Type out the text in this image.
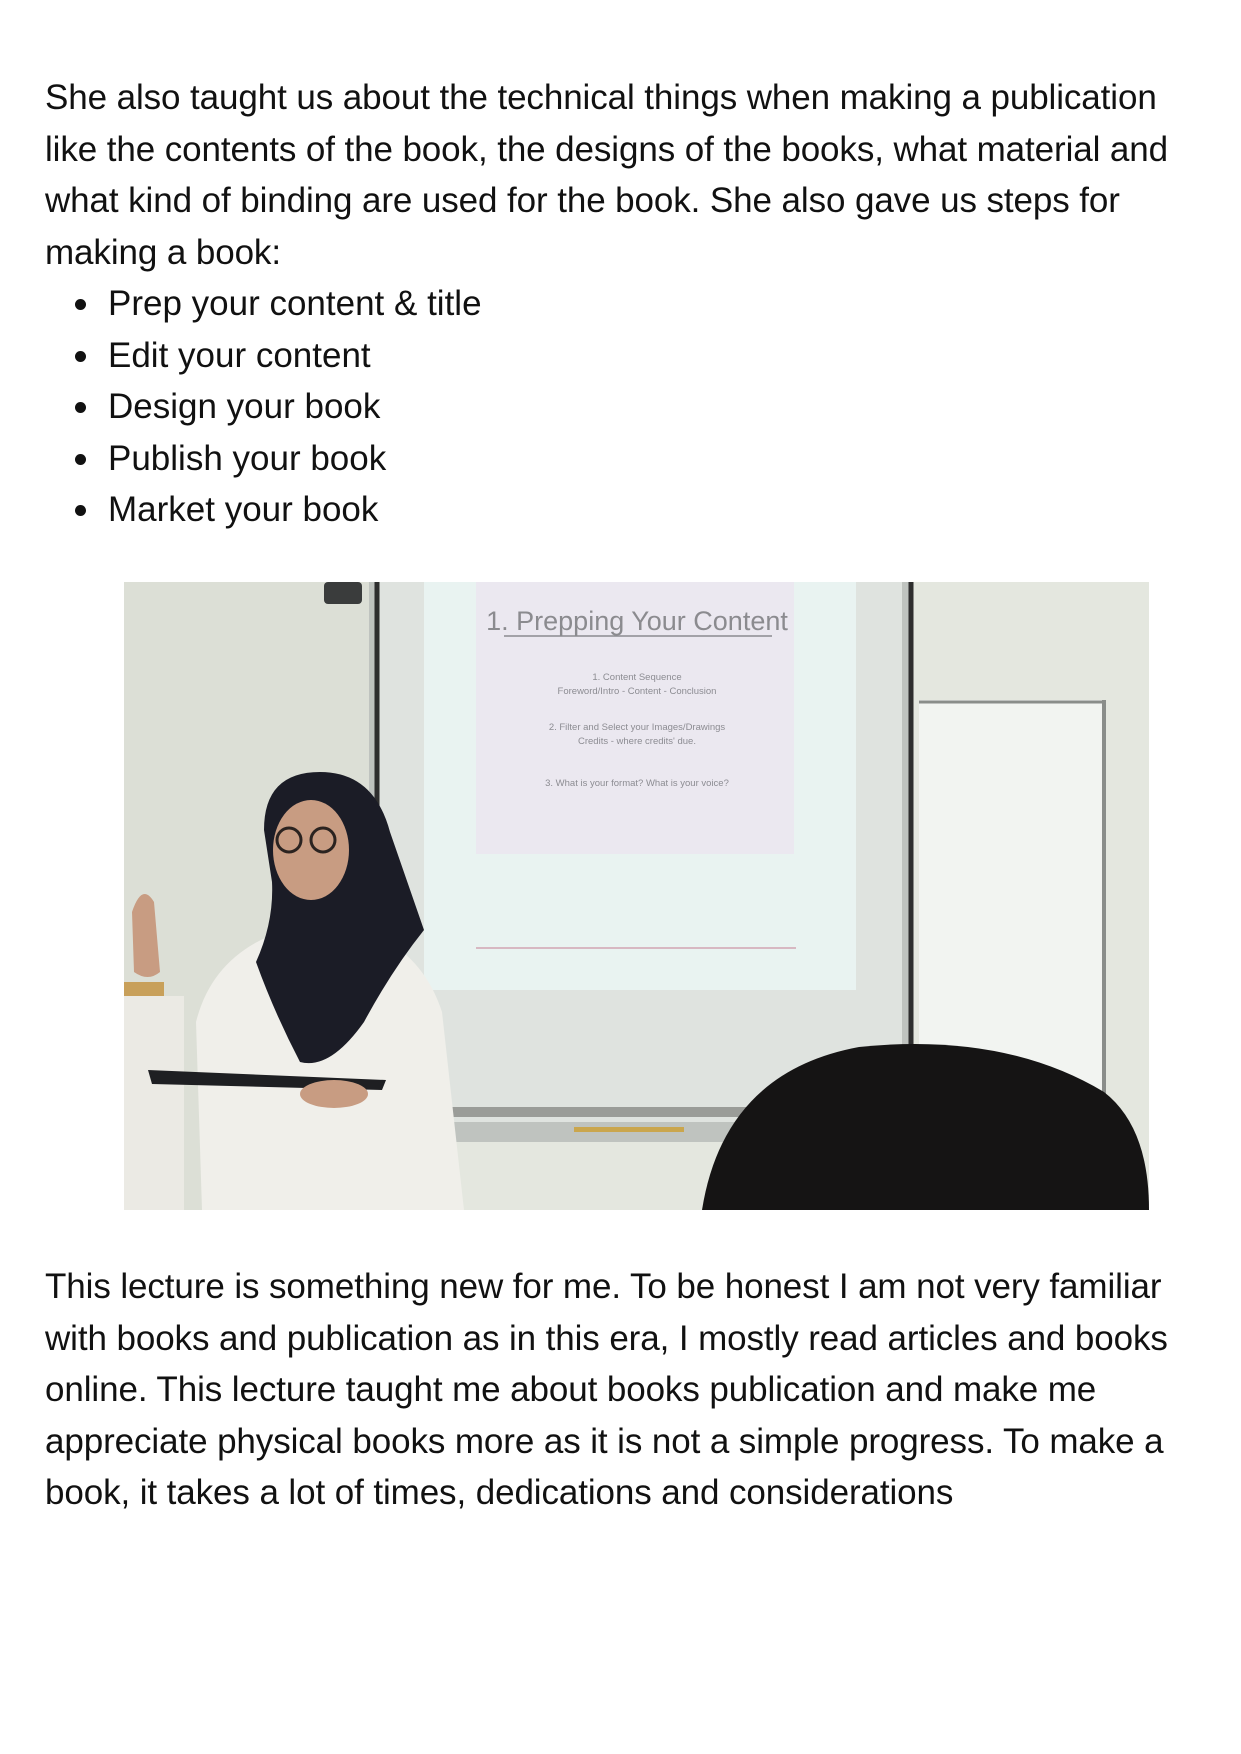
She also taught us about the technical things when making a publication like the contents of the book, the designs of the books, what material and what kind of binding are used for the book. She also gave us steps for making a book:

Prep your content & title
Edit your content
Design your book
Publish your book
Market your book
1. Prepping Your Content
1. Content Sequence
Foreword/Intro - Content - Conclusion
2. Filter and Select your Images/Drawings
Credits - where credits' due.
3. What is your format? What is your voice?

This lecture is something new for me. To be honest I am not very familiar with books and publication as in this era, I mostly read articles and books online. This lecture taught me about books publication and make me appreciate physical books more as it is not a simple progress. To make a book, it takes a lot of times, dedications and considerations
